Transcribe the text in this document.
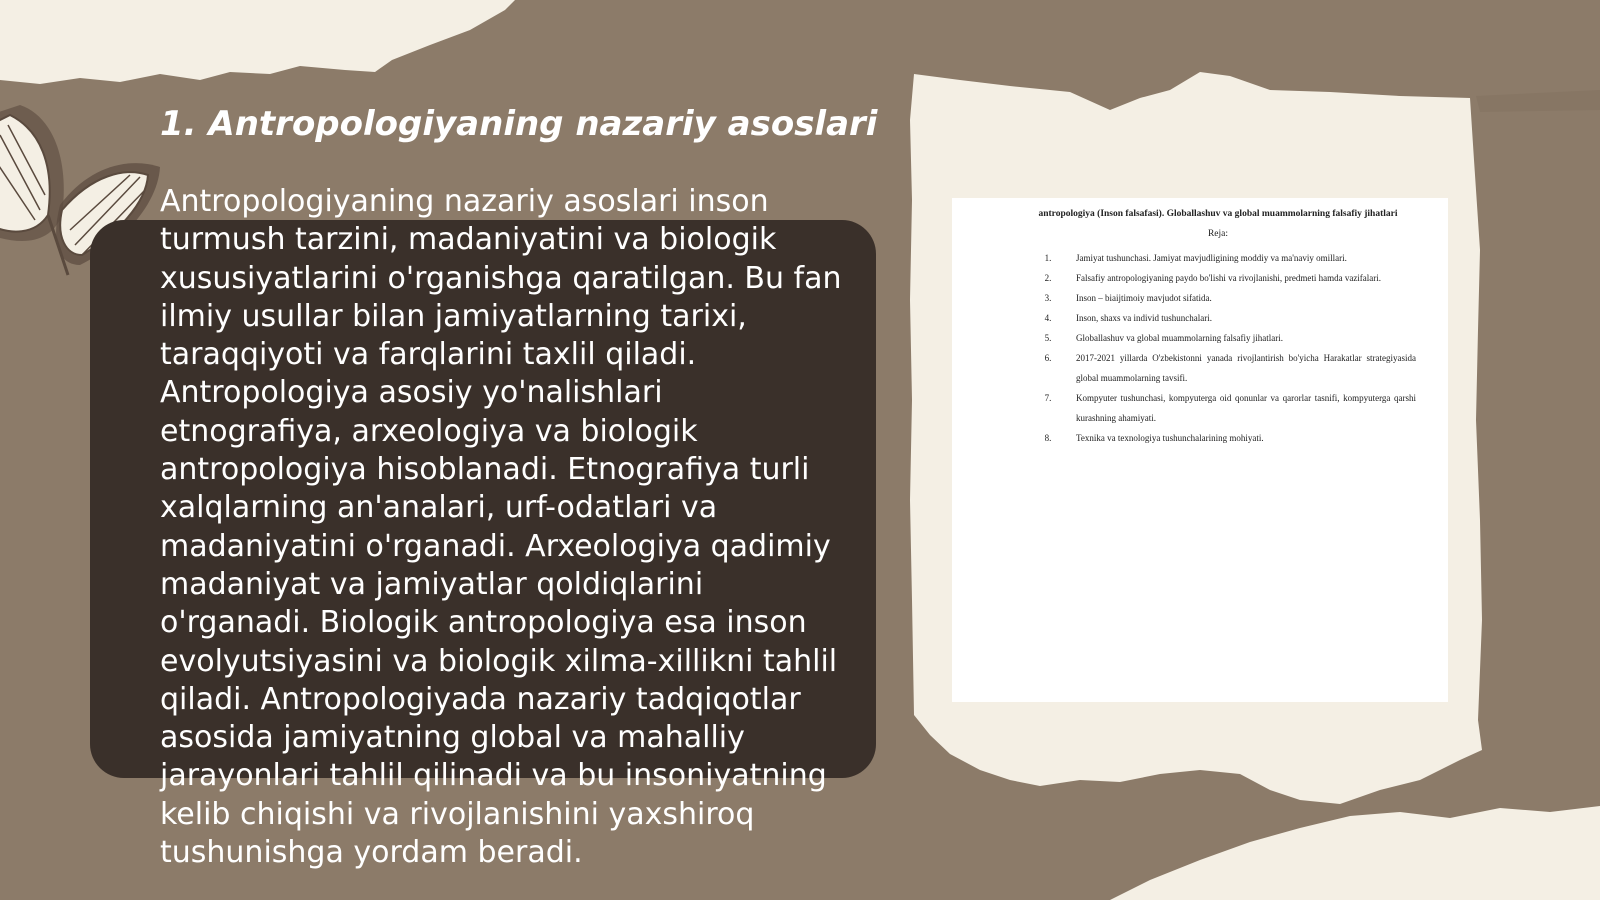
1. Antropologiyaning nazariy asoslari

Antropologiyaning nazariy asoslari inson turmush tarzini, madaniyatini va biologik xususiyatlarini o'rganishga qaratilgan. Bu fan ilmiy usullar bilan jamiyatlarning tarixi, taraqqiyoti va farqlarini taxlil qiladi. Antropologiya asosiy yo'nalishlari etnografiya, arxeologiya va biologik antropologiya hisoblanadi. Etnografiya turli xalqlarning an'analari, urf-odatlari va madaniyatini o'rganadi. Arxeologiya qadimiy madaniyat va jamiyatlar qoldiqlarini o'rganadi. Biologik antropologiya esa inson evolyutsiyasini va biologik xilma-xillikni tahlil qiladi. Antropologiyada nazariy tadqiqotlar asosida jamiyatning global va mahalliy jarayonlari tahlil qilinadi va bu insoniyatning kelib chiqishi va rivojlanishini yaxshiroq tushunishga yordam beradi.

antropologiya (Inson falsafasi). Globallashuv va global muammolarning falsafiy jihatlari
Reja:
1.	Jamiyat tushunchasi. Jamiyat mavjudligining moddiy va ma'naviy omillari.
2.	Falsafiy antropologiyaning paydo bo'lishi va rivojlanishi, predmeti hamda vazifalari.
3.	Inson – biaijtimoiy mavjudot sifatida.
4.	Inson, shaxs va individ tushunchalari.
5.	Globallashuv va global muammolarning falsafiy jihatlari.
6.	2017-2021 yillarda O'zbekistonni yanada rivojlantirish bo'yicha Harakatlar strategiyasida global muammolarning tavsifi.
7.	Kompyuter tushunchasi, kompyuterga oid qonunlar va qarorlar tasnifi, kompyuterga qarshi kurashning ahamiyati.
8.	Texnika va texnologiya tushunchalarining mohiyati.
